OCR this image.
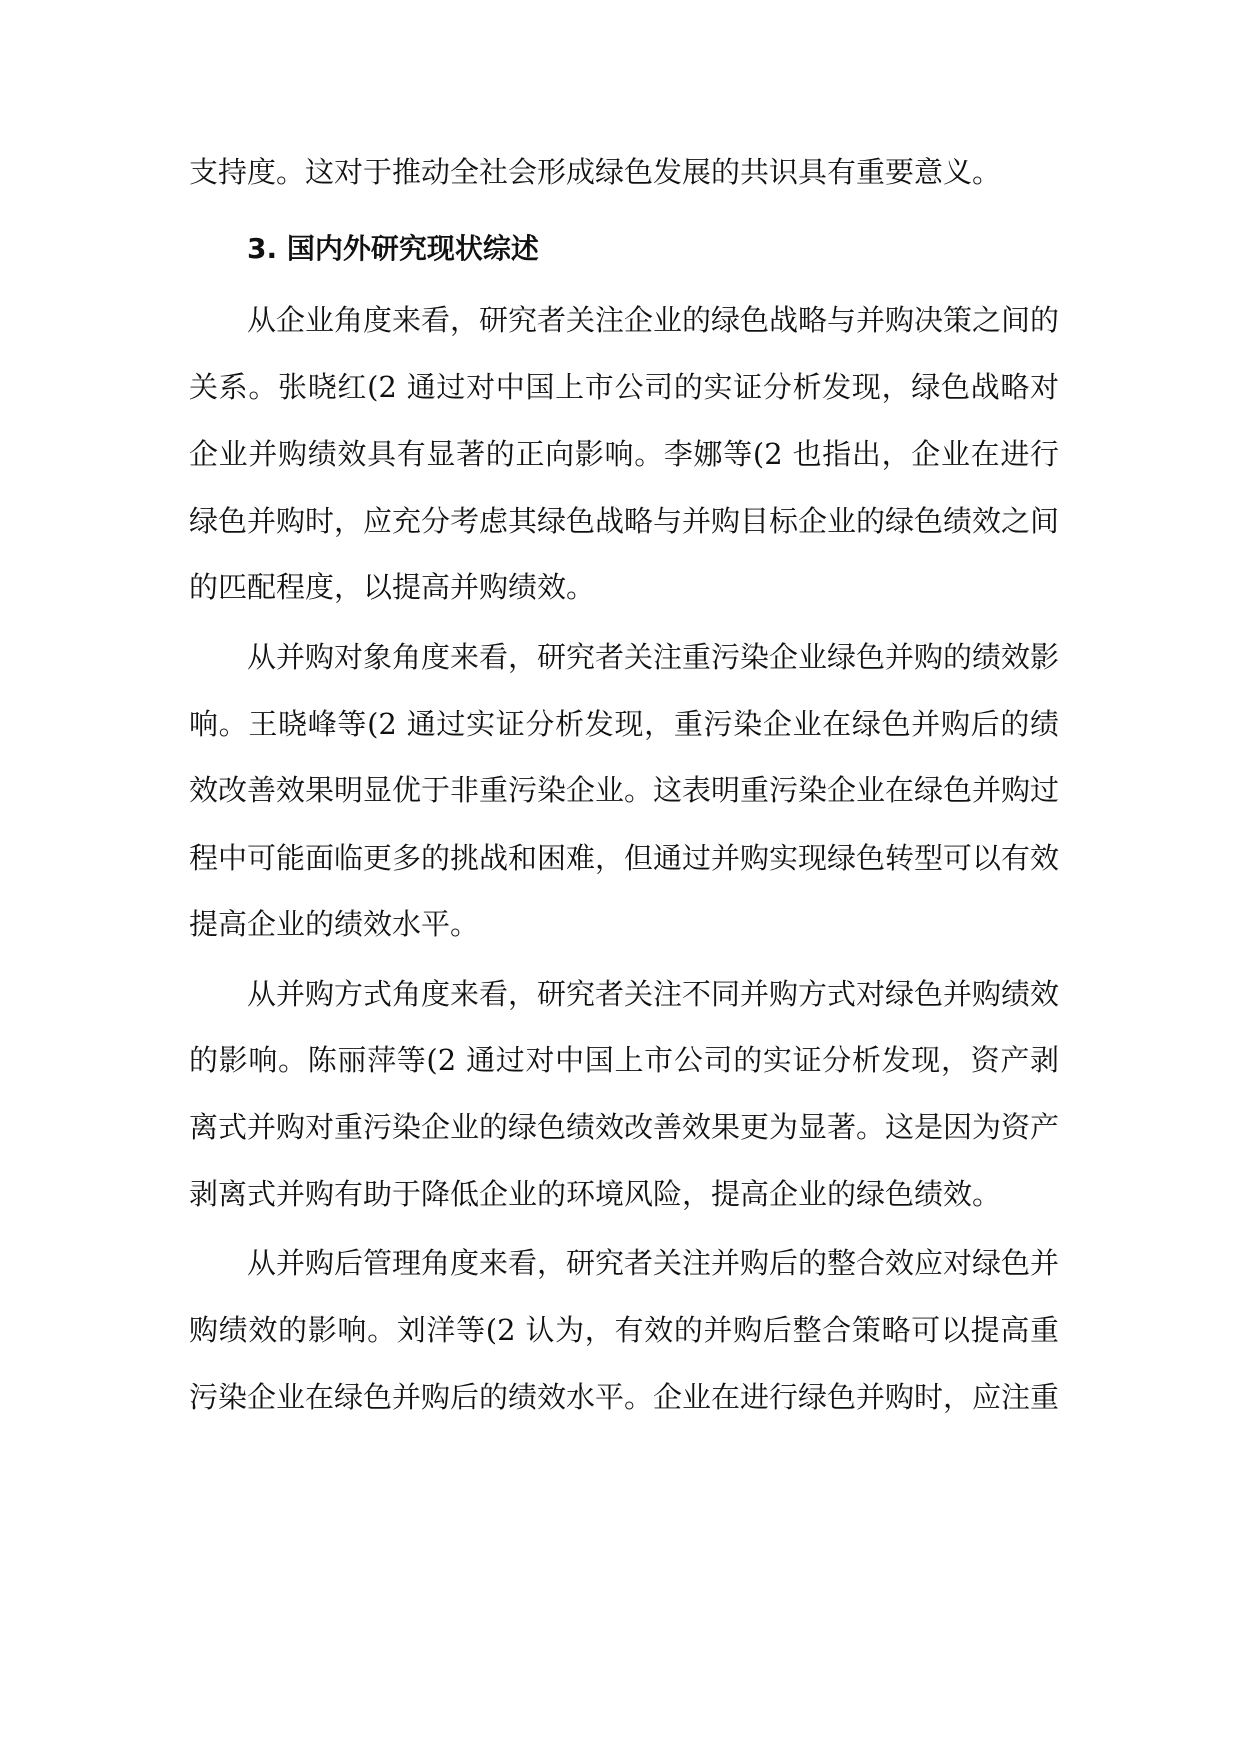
支持度。这对于推动全社会形成绿色发展的共识具有重要意义。
3. 国内外研究现状综述
从企业角度来看，研究者关注企业的绿色战略与并购决策之间的
关系。张晓红(2 通过对中国上市公司的实证分析发现，绿色战略对
企业并购绩效具有显著的正向影响。李娜等(2 也指出，企业在进行
绿色并购时，应充分考虑其绿色战略与并购目标企业的绿色绩效之间
的匹配程度，以提高并购绩效。
从并购对象角度来看，研究者关注重污染企业绿色并购的绩效影
响。王晓峰等(2 通过实证分析发现，重污染企业在绿色并购后的绩
效改善效果明显优于非重污染企业。这表明重污染企业在绿色并购过
程中可能面临更多的挑战和困难，但通过并购实现绿色转型可以有效
提高企业的绩效水平。
从并购方式角度来看，研究者关注不同并购方式对绿色并购绩效
的影响。陈丽萍等(2 通过对中国上市公司的实证分析发现，资产剥
离式并购对重污染企业的绿色绩效改善效果更为显著。这是因为资产
剥离式并购有助于降低企业的环境风险，提高企业的绿色绩效。
从并购后管理角度来看，研究者关注并购后的整合效应对绿色并
购绩效的影响。刘洋等(2 认为，有效的并购后整合策略可以提高重
污染企业在绿色并购后的绩效水平。企业在进行绿色并购时，应注重
